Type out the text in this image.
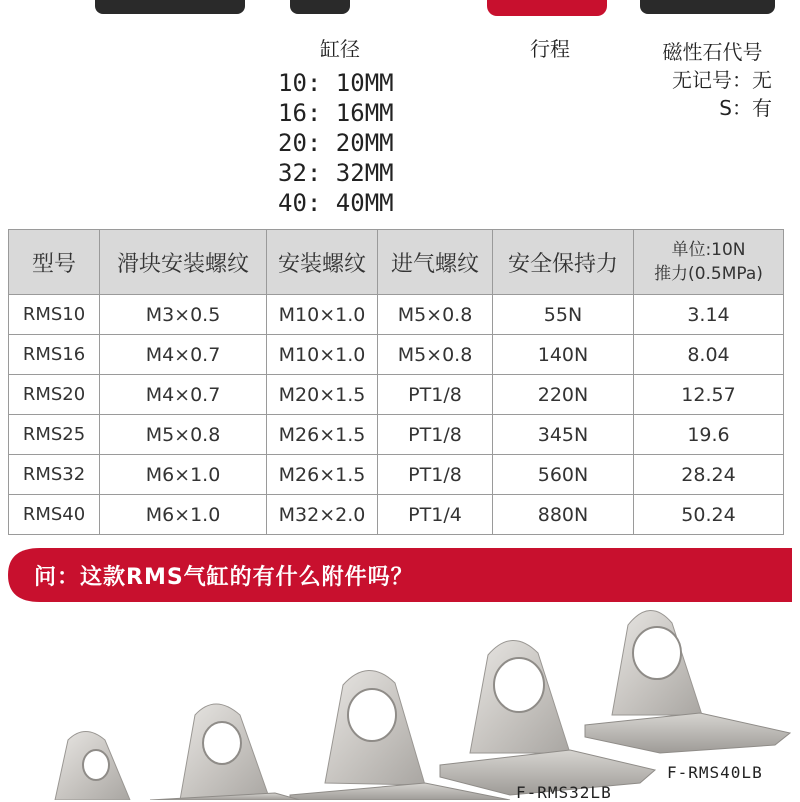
缸径	行程	磁性石代号
10: 10MM
16: 16MM
20: 20MM
32: 32MM
40: 40MM
无记号：无
S：有
型号	滑块安装螺纹	安装螺纹	进气螺纹	安全保持力	单位:10N
推力(0.5MPa)

RMS10	M3×0.5	M10×1.0	M5×0.8	55N	3.14
RMS16	M4×0.7	M10×1.0	M5×0.8	140N	8.04
RMS20	M4×0.7	M20×1.5	PT1/8	220N	12.57
RMS25	M5×0.8	M26×1.5	PT1/8	345N	19.6
RMS32	M6×1.0	M26×1.5	PT1/8	560N	28.24
RMS40	M6×1.0	M32×2.0	PT1/4	880N	50.24
问：这款RMS气缸的有什么附件吗？
F-RMS32LB
F-RMS40LB
